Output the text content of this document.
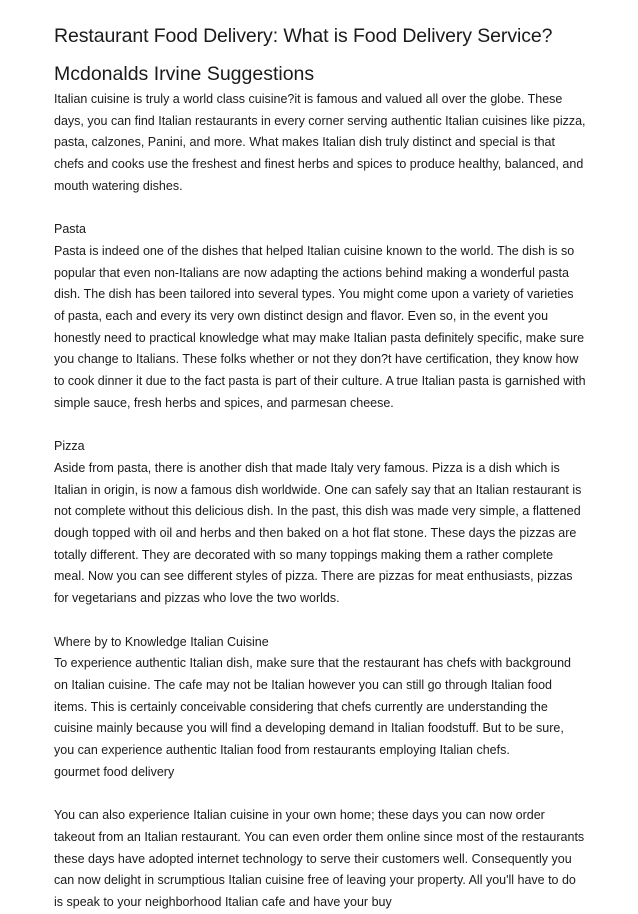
Restaurant Food Delivery: What is Food Delivery Service?
Mcdonalds Irvine Suggestions

Italian cuisine is truly a world class cuisine?it is famous and valued all over the globe. These days, you can find Italian restaurants in every corner serving authentic Italian cuisines like pizza, pasta, calzones, Panini, and more. What makes Italian dish truly distinct and special is that chefs and cooks use the freshest and finest herbs and spices to produce healthy, balanced, and mouth watering dishes.

Pasta

Pasta is indeed one of the dishes that helped Italian cuisine known to the world. The dish is so popular that even non-Italians are now adapting the actions behind making a wonderful pasta dish. The dish has been tailored into several types. You might come upon a variety of varieties of pasta, each and every its very own distinct design and flavor. Even so, in the event you honestly need to practical knowledge what may make Italian pasta definitely specific, make sure you change to Italians. These folks whether or not they don?t have certification, they know how to cook dinner it due to the fact pasta is part of their culture. A true Italian pasta is garnished with simple sauce, fresh herbs and spices, and parmesan cheese.

Pizza

Aside from pasta, there is another dish that made Italy very famous. Pizza is a dish which is Italian in origin, is now a famous dish worldwide. One can safely say that an Italian restaurant is not complete without this delicious dish. In the past, this dish was made very simple, a flattened dough topped with oil and herbs and then baked on a hot flat stone. These days the pizzas are totally different. They are decorated with so many toppings making them a rather complete meal. Now you can see different styles of pizza. There are pizzas for meat enthusiasts, pizzas for vegetarians and pizzas who love the two worlds.

Where by to Knowledge Italian Cuisine

To experience authentic Italian dish, make sure that the restaurant has chefs with background on Italian cuisine. The cafe may not be Italian however you can still go through Italian food items. This is certainly conceivable considering that chefs currently are understanding the cuisine mainly because you will find a developing demand in Italian foodstuff. But to be sure, you can experience authentic Italian food from restaurants employing Italian chefs.

gourmet food delivery

You can also experience Italian cuisine in your own home; these days you can now order takeout from an Italian restaurant. You can even order them online since most of the restaurants these days have adopted internet technology to serve their customers well. Consequently you can now delight in scrumptious Italian cuisine free of leaving your property. All you'll have to do is speak to your neighborhood Italian cafe and have your buy
